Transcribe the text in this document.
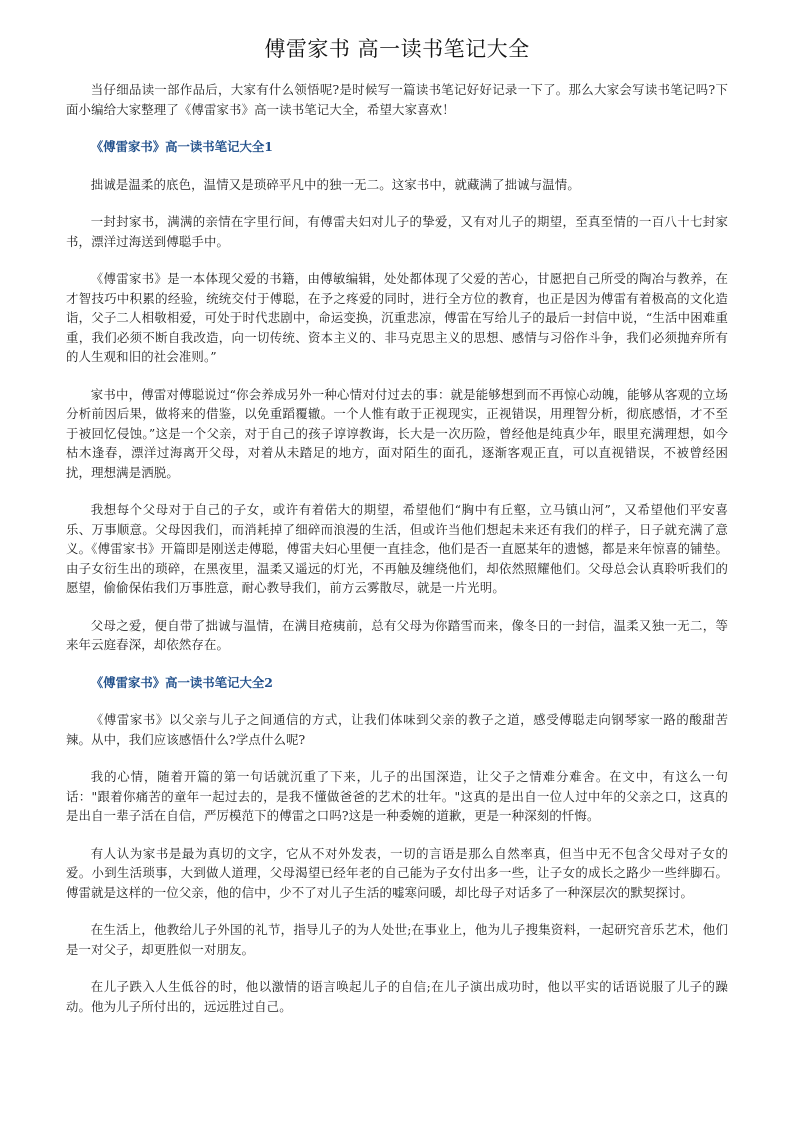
傅雷家书 高一读书笔记大全

当仔细品读一部作品后，大家有什么领悟呢?是时候写一篇读书笔记好好记录一下了。那么大家会写读书笔记吗?下面小编给大家整理了《傅雷家书》高一读书笔记大全，希望大家喜欢！

《傅雷家书》高一读书笔记大全1

拙诚是温柔的底色，温情又是琐碎平凡中的独一无二。这家书中，就藏满了拙诚与温情。

一封封家书，满满的亲情在字里行间，有傅雷夫妇对儿子的挚爱，又有对儿子的期望，至真至情的一百八十七封家书，漂洋过海送到傅聪手中。

《傅雷家书》是一本体现父爱的书籍，由傅敏编辑，处处都体现了父爱的苦心，甘愿把自己所受的陶冶与教养，在才智技巧中积累的经验，统统交付于傅聪，在予之疼爱的同时，进行全方位的教育，也正是因为傅雷有着极高的文化造诣，父子二人相敬相爱，可处于时代悲剧中，命运变换，沉重悲凉，傅雷在写给儿子的最后一封信中说，“生活中困难重重，我们必须不断自我改造，向一切传统、资本主义的、非马克思主义的思想、感情与习俗作斗争，我们必须抛弃所有的人生观和旧的社会准则。”

家书中，傅雷对傅聪说过“你会养成另外一种心情对付过去的事：就是能够想到而不再惊心动魄，能够从客观的立场分析前因后果，做将来的借鉴，以免重蹈覆辙。一个人惟有敢于正视现实，正视错误，用理智分析，彻底感悟，才不至于被回忆侵蚀。”这是一个父亲，对于自己的孩子谆谆教诲，长大是一次历险，曾经他是纯真少年，眼里充满理想，如今枯木逢春，漂洋过海离开父母，对着从未踏足的地方，面对陌生的面孔，逐渐客观正直，可以直视错误，不被曾经困扰，理想满是洒脱。

我想每个父母对于自己的子女，或许有着偌大的期望，希望他们“胸中有丘壑，立马镇山河”，又希望他们平安喜乐、万事顺意。父母因我们，而消耗掉了细碎而浪漫的生活，但或许当他们想起未来还有我们的样子，日子就充满了意义。《傅雷家书》开篇即是刚送走傅聪，傅雷夫妇心里便一直挂念，他们是否一直愿某年的遗憾，都是来年惊喜的铺垫。由子女衍生出的琐碎，在黑夜里，温柔又遥远的灯光，不再触及缠绕他们，却依然照耀他们。父母总会认真聆听我们的愿望，偷偷保佑我们万事胜意，耐心教导我们，前方云雾散尽，就是一片光明。

父母之爱，便自带了拙诚与温情，在满目疮痍前，总有父母为你踏雪而来，像冬日的一封信，温柔又独一无二，等来年云庭春深，却依然存在。

《傅雷家书》高一读书笔记大全2

《傅雷家书》以父亲与儿子之间通信的方式，让我们体味到父亲的教子之道，感受傅聪走向钢琴家一路的酸甜苦辣。从中，我们应该感悟什么?学点什么呢?

我的心情，随着开篇的第一句话就沉重了下来，儿子的出国深造，让父子之情难分难舍。在文中，有这么一句话："跟着你痛苦的童年一起过去的，是我不懂做爸爸的艺术的壮年。"这真的是出自一位人过中年的父亲之口，这真的是出自一辈子活在自信，严厉模范下的傅雷之口吗?这是一种委婉的道歉，更是一种深刻的忏悔。

有人认为家书是最为真切的文字，它从不对外发表，一切的言语是那么自然率真，但当中无不包含父母对子女的爱。小到生活琐事，大到做人道理，父母渴望已经年老的自己能为子女付出多一些，让子女的成长之路少一些绊脚石。傅雷就是这样的一位父亲，他的信中，少不了对儿子生活的嘘寒问暖，却比母子对话多了一种深层次的默契探讨。

在生活上，他教给儿子外国的礼节，指导儿子的为人处世;在事业上，他为儿子搜集资料，一起研究音乐艺术，他们是一对父子，却更胜似一对朋友。

在儿子跌入人生低谷的时，他以激情的语言唤起儿子的自信;在儿子演出成功时，他以平实的话语说服了儿子的躁动。他为儿子所付出的，远远胜过自己。
